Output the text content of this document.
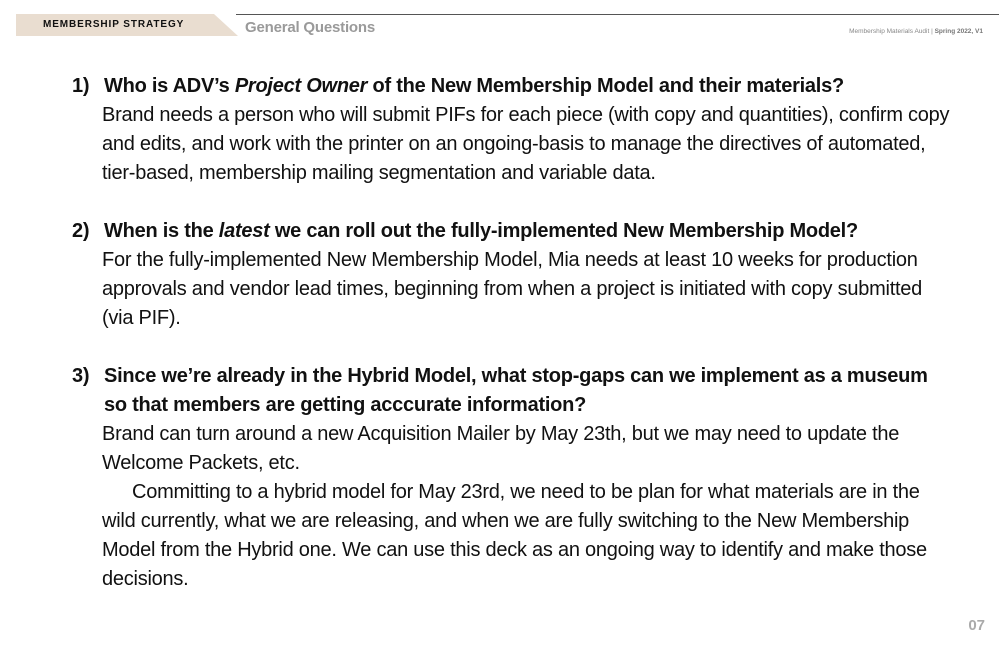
MEMBERSHIP STRATEGY	General Questions	Membership Materials Audit | Spring 2022, V1
1) Who is ADV’s Project Owner of the New Membership Model and their materials?
Brand needs a person who will submit PIFs for each piece (with copy and quantities), confirm copy and edits, and work with the printer on an ongoing-basis to manage the directives of automated, tier-based, membership mailing segmentation and variable data.
2) When is the latest we can roll out the fully-implemented New Membership Model?
For the fully-implemented New Membership Model, Mia needs at least 10 weeks for production approvals and vendor lead times, beginning from when a project is initiated with copy submitted (via PIF).
3) Since we’re already in the Hybrid Model, what stop-gaps can we implement as a museum so that members are getting acccurate information?
Brand can turn around a new Acquisition Mailer by May 23th, but we may need to update the Welcome Packets, etc.
Committing to a hybrid model for May 23rd, we need to be plan for what materials are in the wild currently, what we are releasing, and when we are fully switching to the New Membership Model from the Hybrid one. We can use this deck as an ongoing way to identify and make those decisions.
07
